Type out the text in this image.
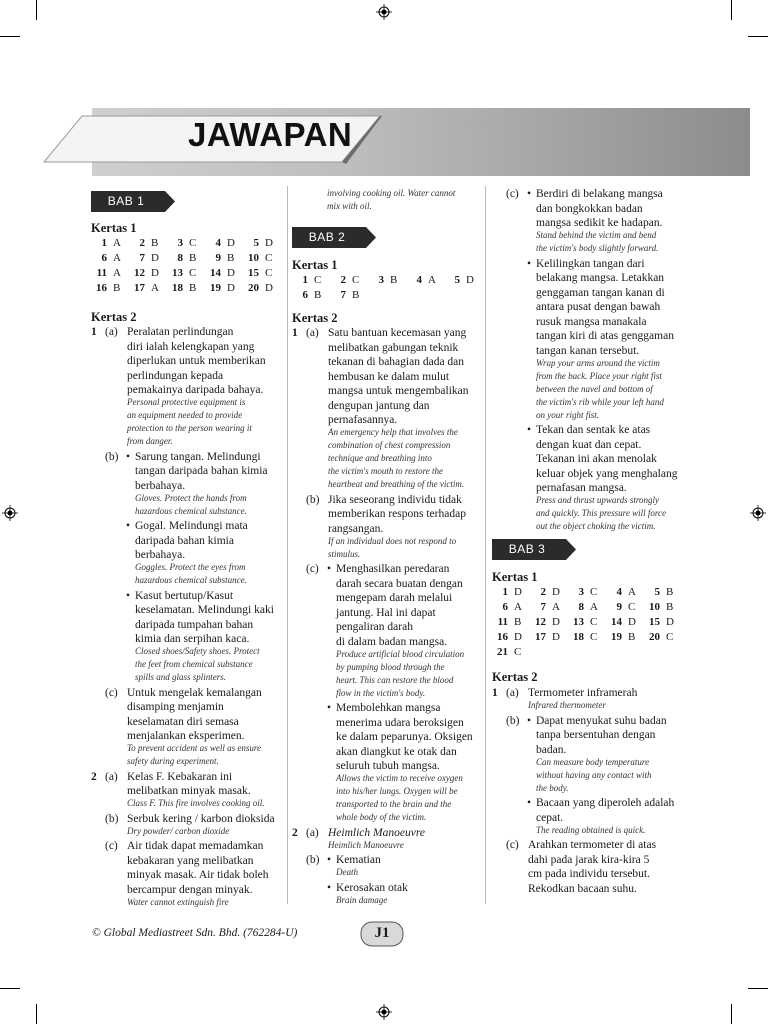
JAWAPAN
BAB 1
Kertas 1
1 A	2 B	3 C	4 D	5 D
6 A	7 D	8 B	9 B	10 C
11 A	12 D	13 C	14 D	15 C
16 B	17 A	18 B	19 D	20 D
Kertas 2
1 (a) Peralatan perlindungan
diri ialah kelengkapan yang
diperlukan untuk memberikan
perlindungan kepada
pemakainya daripada bahaya.
Personal protective equipment is
an equipment needed to provide
protection to the person wearing it
from danger.
(b) • Sarung tangan. Melindungi
tangan daripada bahan kimia
berbahaya.
Gloves. Protect the hands from
hazardous chemical substance.
• Gogal. Melindungi mata
daripada bahan kimia
berbahaya.
Goggles. Protect the eyes from
hazardous chemical substance.
• Kasut bertutup/Kasut
keselamatan. Melindungi kaki
daripada tumpahan bahan
kimia dan serpihan kaca.
Closed shoes/Safety shoes. Protect
the feet from chemical substance
spills and glass splinters.
(c) Untuk mengelak kemalangan
disamping menjamin
keselamatan diri semasa
menjalankan eksperimen.
To prevent accident as well as ensure
safety during experiment.
2 (a) Kelas F. Kebakaran ini
melibatkan minyak masak.
Class F. This fire involves cooking oil.
(b) Serbuk kering / karbon dioksida
Dry powder/ carbon dioxide
(c) Air tidak dapat memadamkan
kebakaran yang melibatkan
minyak masak. Air tidak boleh
bercampur dengan minyak.
Water cannot extinguish fire
involving cooking oil. Water cannot
mix with oil.
BAB 2
Kertas 1
1 C	2 C	3 B	4 A	5 D
6 B	7 B
Kertas 2
1 (a) Satu bantuan kecemasan yang
melibatkan gabungan teknik
tekanan di bahagian dada dan
hembusan ke dalam mulut
mangsa untuk mengembalikan
dengupan jantung dan
pernafasannya.
An emergency help that involves the
combination of chest compression
technique and breathing into
the victim's mouth to restore the
heartbeat and breathing of the victim.
(b) Jika seseorang individu tidak
memberikan respons terhadap
rangsangan.
If an individual does not respond to
stimulus.
(c) • Menghasilkan peredaran
darah secara buatan dengan
mengepam darah melalui
jantung. Hal ini dapat
pengaliran darah
di dalam badan mangsa.
Produce artificial blood circulation
by pumping blood through the
heart. This can restore the blood
flow in the victim's body.
• Membolehkan mangsa
menerima udara beroksigen
ke dalam peparunya. Oksigen
akan diangkut ke otak dan
seluruh tubuh mangsa.
Allows the victim to receive oxygen
into his/her lungs. Oxygen will be
transported to the brain and the
whole body of the victim.
2 (a) Heimlich Manoeuvre
Heimlich Manoeuvre
(b) • Kematian
Death
• Kerosakan otak
Brain damage
(c) • Berdiri di belakang mangsa
dan bongkokkan badan
mangsa sedikit ke hadapan.
Stand behind the victim and bend
the victim's body slightly forward.
• Kelilingkan tangan dari
belakang mangsa. Letakkan
genggaman tangan kanan di
antara pusat dengan bawah
rusuk mangsa manakala
tangan kiri di atas genggaman
tangan kanan tersebut.
Wrap your arms around the victim
from the back. Place your right fist
between the navel and bottom of
the victim's rib while your left hand
on your right fist.
• Tekan dan sentak ke atas
dengan kuat dan cepat.
Tekanan ini akan menolak
keluar objek yang menghalang
pernafasan mangsa.
Press and thrust upwards strongly
and quickly. This pressure will force
out the object choking the victim.
BAB 3
Kertas 1
1 D	2 D	3 C	4 A	5 B
6 A	7 A	8 A	9 C	10 B
11 B	12 D	13 C	14 D	15 D
16 D	17 D	18 C	19 B	20 C
21 C
Kertas 2
1 (a) Termometer inframerah
Infrared thermometer
(b) • Dapat menyukat suhu badan
tanpa bersentuhan dengan
badan.
Can measure body temperature
without having any contact with
the body.
• Bacaan yang diperoleh adalah
cepat.
The reading obtained is quick.
(c) Arahkan termometer di atas
dahi pada jarak kira-kira 5
cm pada individu tersebut.
Rekodkan bacaan suhu.
© Global Mediastreet Sdn. Bhd. (762284-U)	J1
